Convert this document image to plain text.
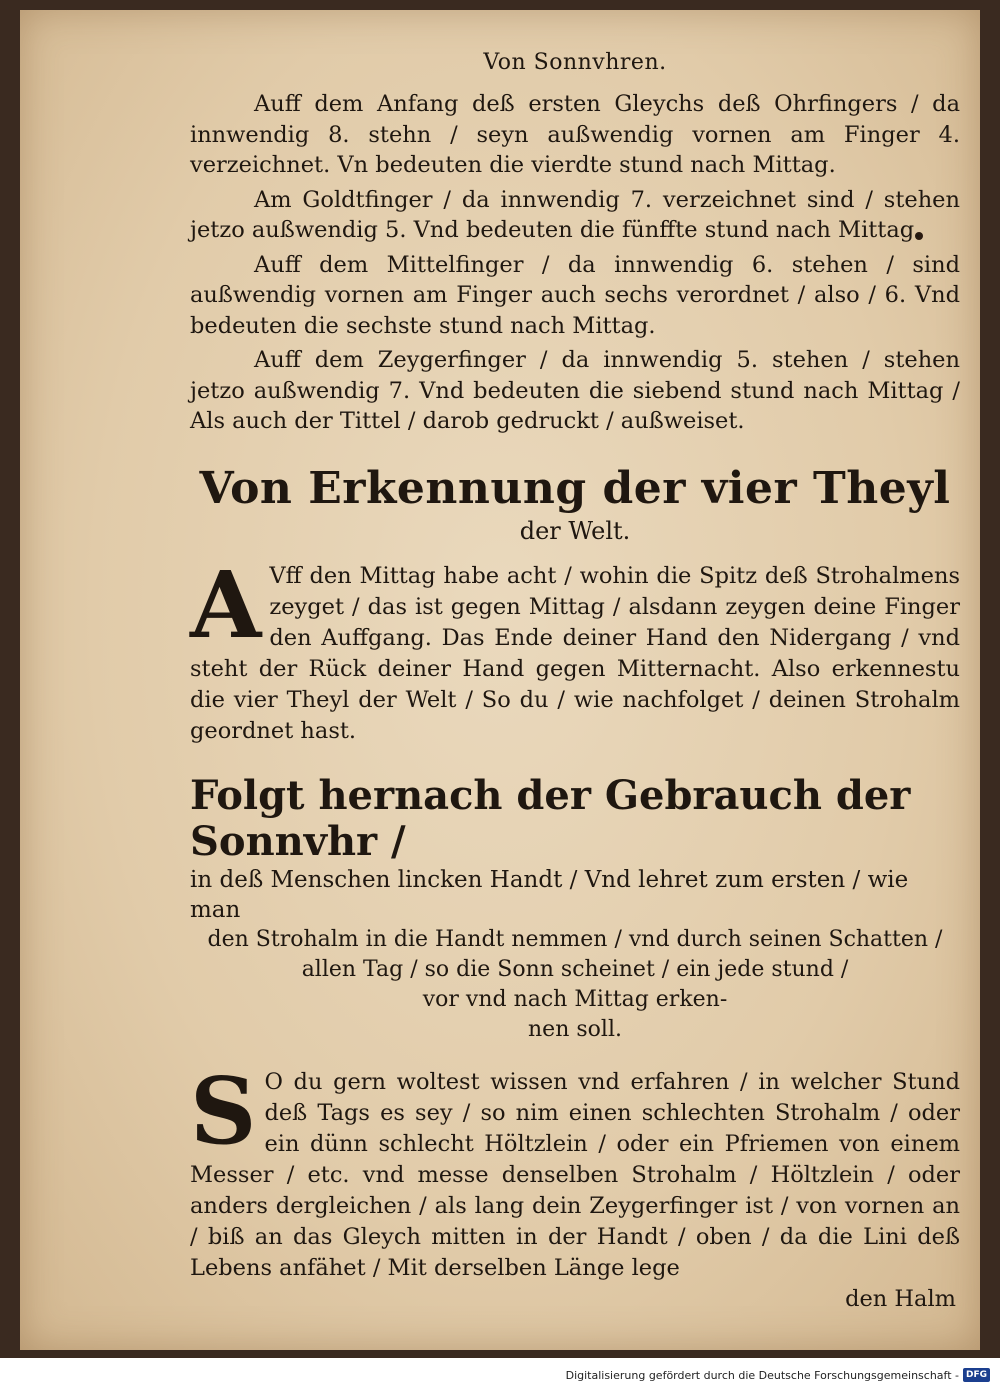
Von Sonnvhren.

Auff dem Anfang deß ersten Gleychs deß Ohrfingers / da innwendig 8. stehn / seyn außwendig vornen am Finger 4. verzeichnet. Vn bedeuten die vierdte stund nach Mittag.

Am Goldtfinger / da innwendig 7. verzeichnet sind / stehen jetzo außwendig 5. Vnd bedeuten die fünffte stund nach Mittag.

Auff dem Mittelfinger / da innwendig 6. stehen / sind außwendig vornen am Finger auch sechs verordnet / also / 6. Vnd bedeuten die sechste stund nach Mittag.

Auff dem Zeygerfinger / da innwendig 5. stehen / stehen jetzo außwendig 7. Vnd bedeuten die siebend stund nach Mittag / Als auch der Tittel / darob gedruckt / außweiset.

Von Erkennung der vier Theyl
der Welt.
A Vff den Mittag habe acht / wohin die Spitz deß Strohalmens zeyget / das ist gegen Mittag / alsdann zeygen deine Finger den Auffgang. Das Ende deiner Hand den Nidergang / vnd steht der Rück deiner Hand gegen Mitternacht. Also erkennestu die vier Theyl der Welt / So du / wie nachfolget / deinen Strohalm geordnet hast.

Folgt hernach der Gebrauch der Sonnvhr /

in deß Menschen lincken Handt / Vnd lehret zum ersten / wie man

den Strohalm in die Handt nemmen / vnd durch seinen Schatten /

allen Tag / so die Sonn scheinet / ein jede stund /

vor vnd nach Mittag erken-

nen soll.

S O du gern woltest wissen vnd erfahren / in welcher Stund deß Tags es sey / so nim einen schlechten Strohalm / oder ein dünn schlecht Höltzlein / oder ein Pfriemen von einem Messer / etc. vnd messe denselben Strohalm / Höltzlein / oder anders dergleichen / als lang dein Zeygerfinger ist / von vornen an / biß an das Gleych mitten in der Handt / oben / da die Lini deß Lebens anfähet / Mit derselben Länge lege

den Halm

Digitalisierung gefördert durch die Deutsche Forschungsgemeinschaft - DFG
